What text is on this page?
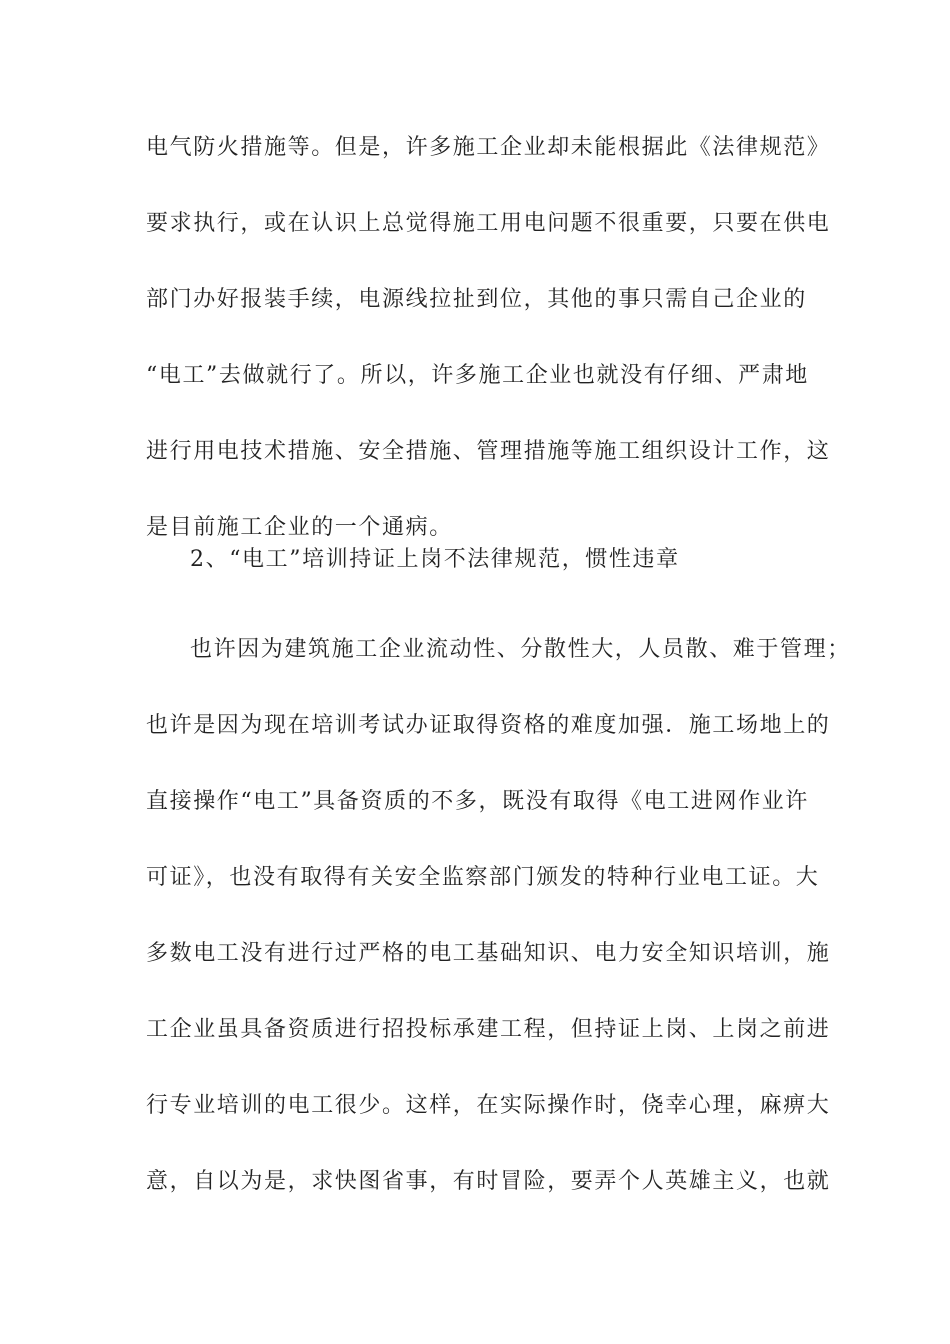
电气防火措施等。但是，许多施工企业却未能根据此《法律规范》
要求执行，或在认识上总觉得施工用电问题不很重要，只要在供电
部门办好报装手续，电源线拉扯到位，其他的事只需自己企业的
“电工”去做就行了。所以，许多施工企业也就没有仔细、严肃地
进行用电技术措施、安全措施、管理措施等施工组织设计工作，这
是目前施工企业的一个通病。
2、“电工”培训持证上岗不法律规范，惯性违章
也许因为建筑施工企业流动性、分散性大，人员散、难于管理；
也许是因为现在培训考试办证取得资格的难度加强．施工场地上的
直接操作“电工”具备资质的不多，既没有取得《电工进网作业许
可证》，也没有取得有关安全监察部门颁发的特种行业电工证。大
多数电工没有进行过严格的电工基础知识、电力安全知识培训，施
工企业虽具备资质进行招投标承建工程，但持证上岗、上岗之前进
行专业培训的电工很少。这样，在实际操作时，侥幸心理，麻痹大
意，自以为是，求快图省事，有时冒险，要弄个人英雄主义，也就
